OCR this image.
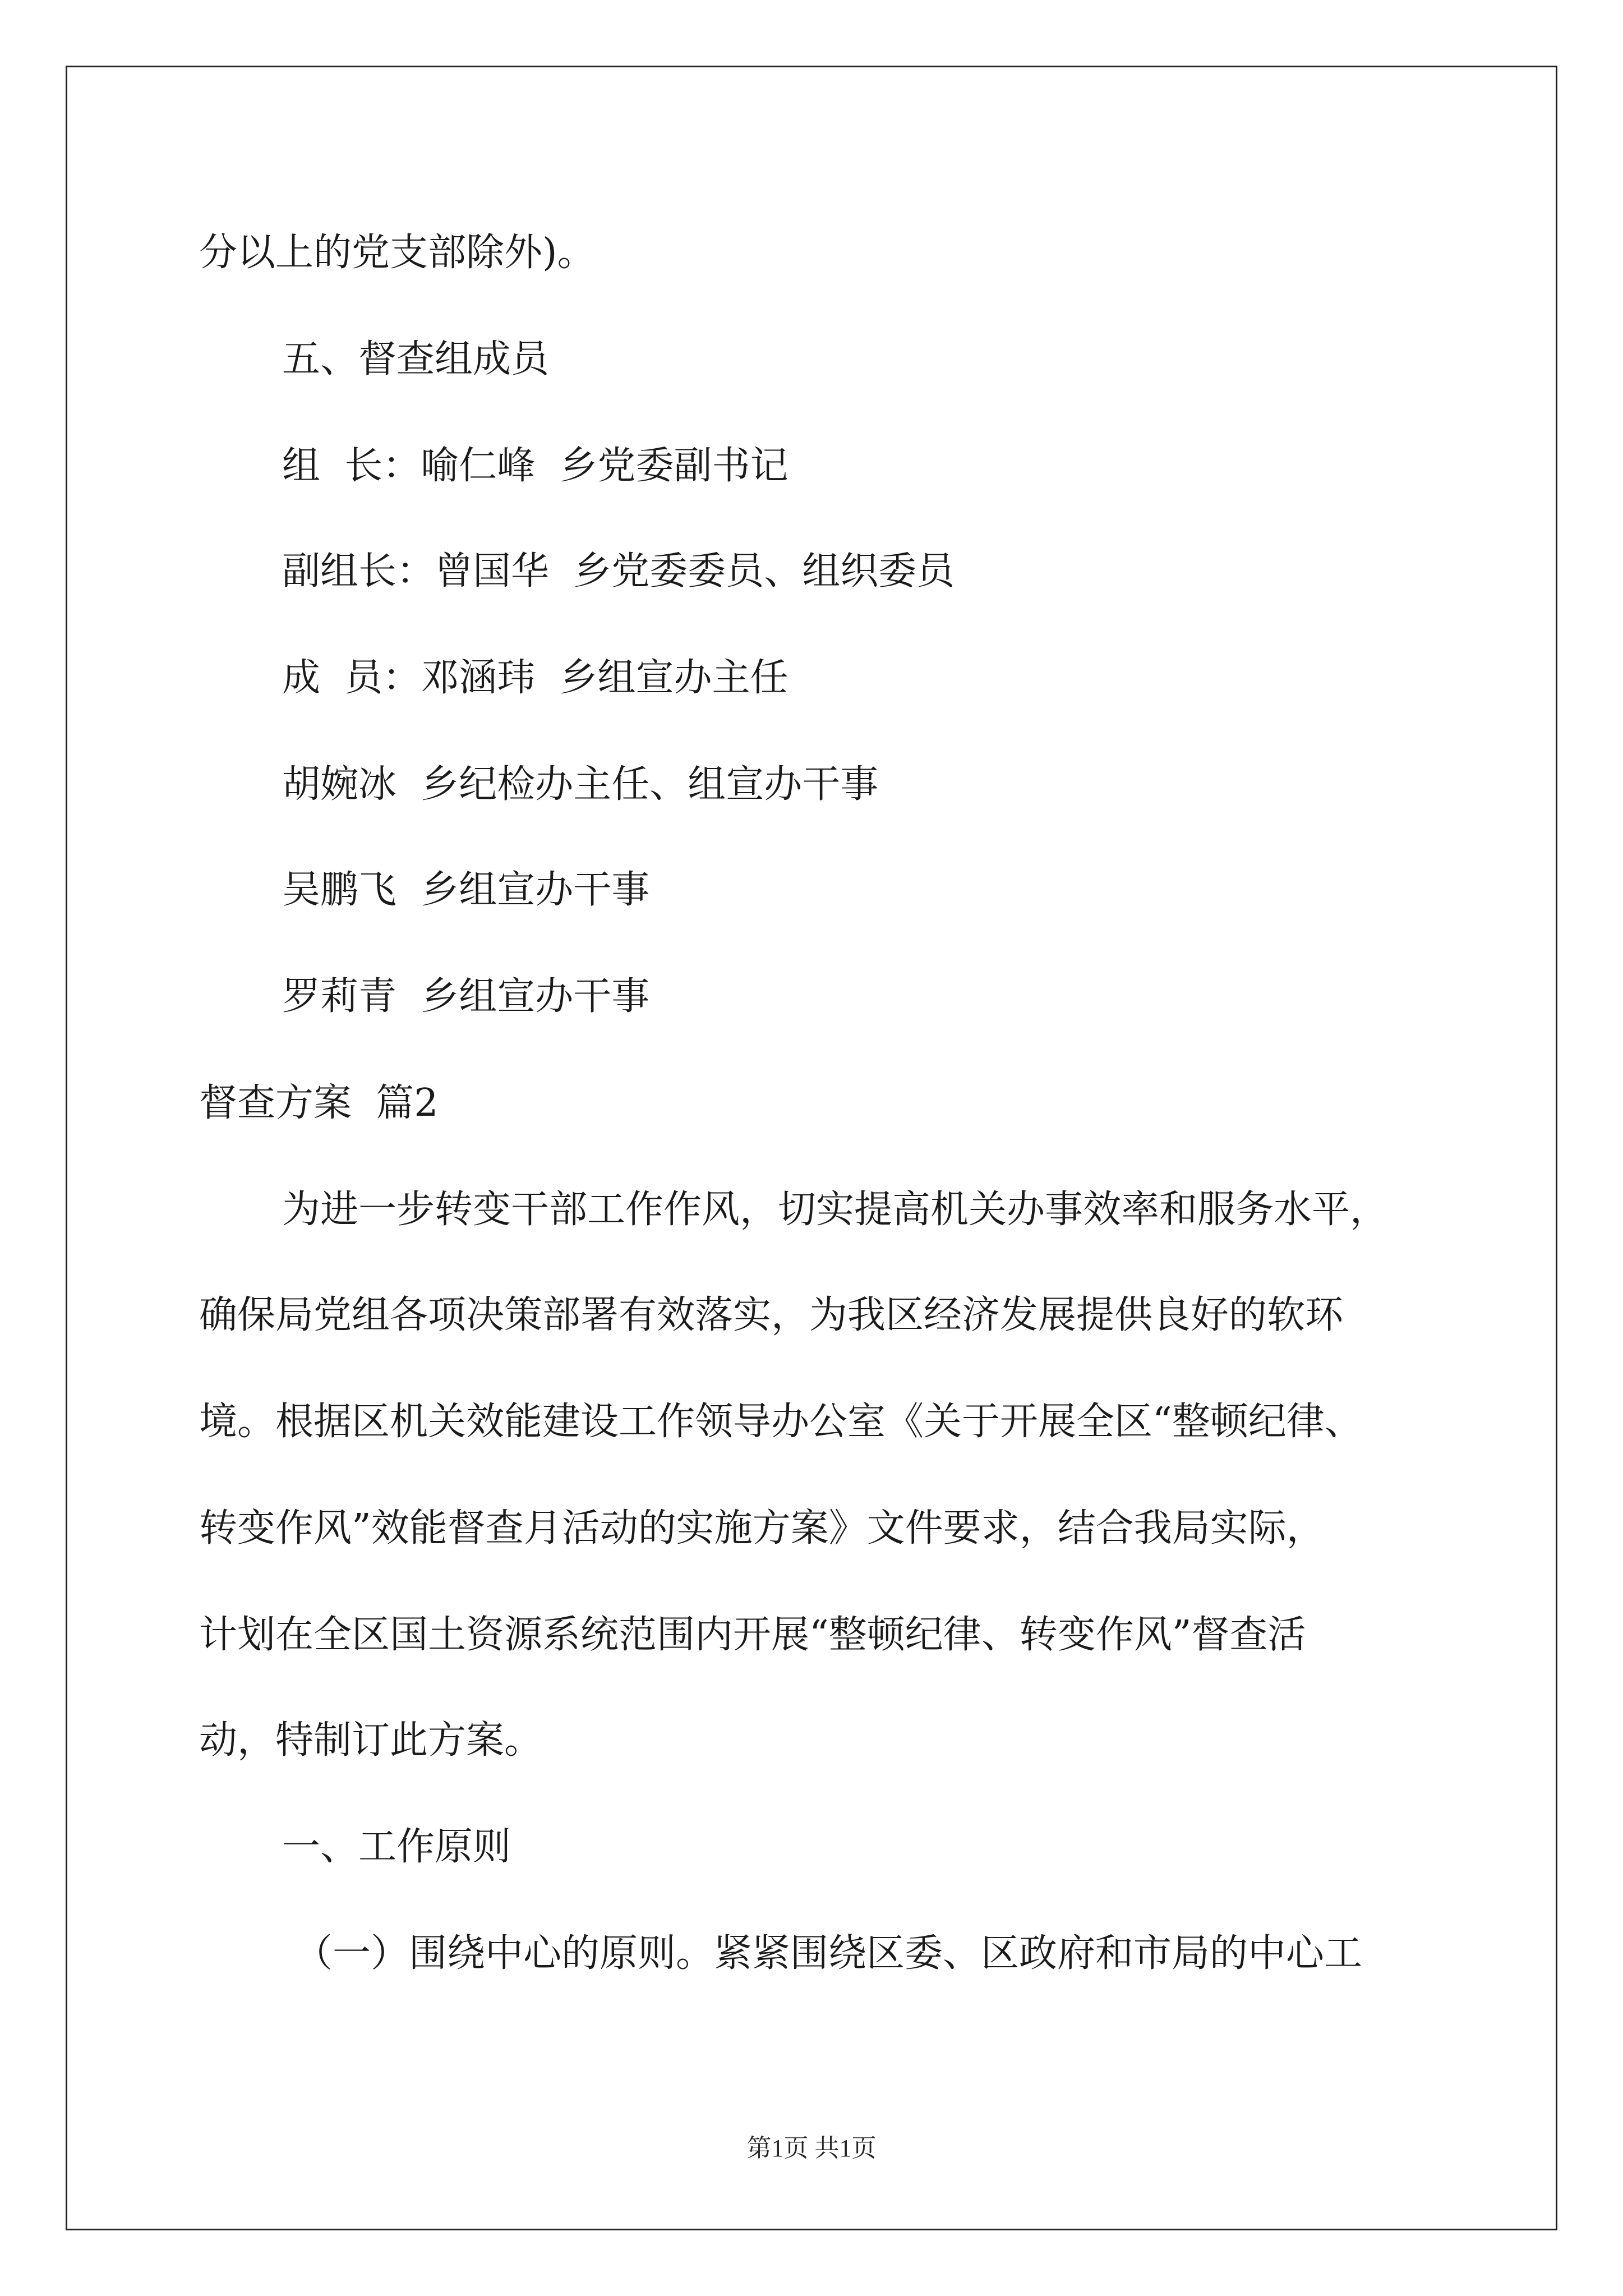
分以上的党支部除外)。

五、督查组成员

组  长：喻仁峰  乡党委副书记

副组长：曾国华  乡党委委员、组织委员

成  员：邓涵玮  乡组宣办主任

胡婉冰  乡纪检办主任、组宣办干事

吴鹏飞  乡组宣办干事

罗莉青  乡组宣办干事

督查方案  篇2

为进一步转变干部工作作风，切实提高机关办事效率和服务水平，

确保局党组各项决策部署有效落实，为我区经济发展提供良好的软环

境。根据区机关效能建设工作领导办公室《关于开展全区“整顿纪律、

转变作风”效能督查月活动的实施方案》文件要求，结合我局实际，

计划在全区国土资源系统范围内开展“整顿纪律、转变作风”督查活

动，特制订此方案。

一、工作原则

（一）围绕中心的原则。紧紧围绕区委、区政府和市局的中心工

第1页 共1页
